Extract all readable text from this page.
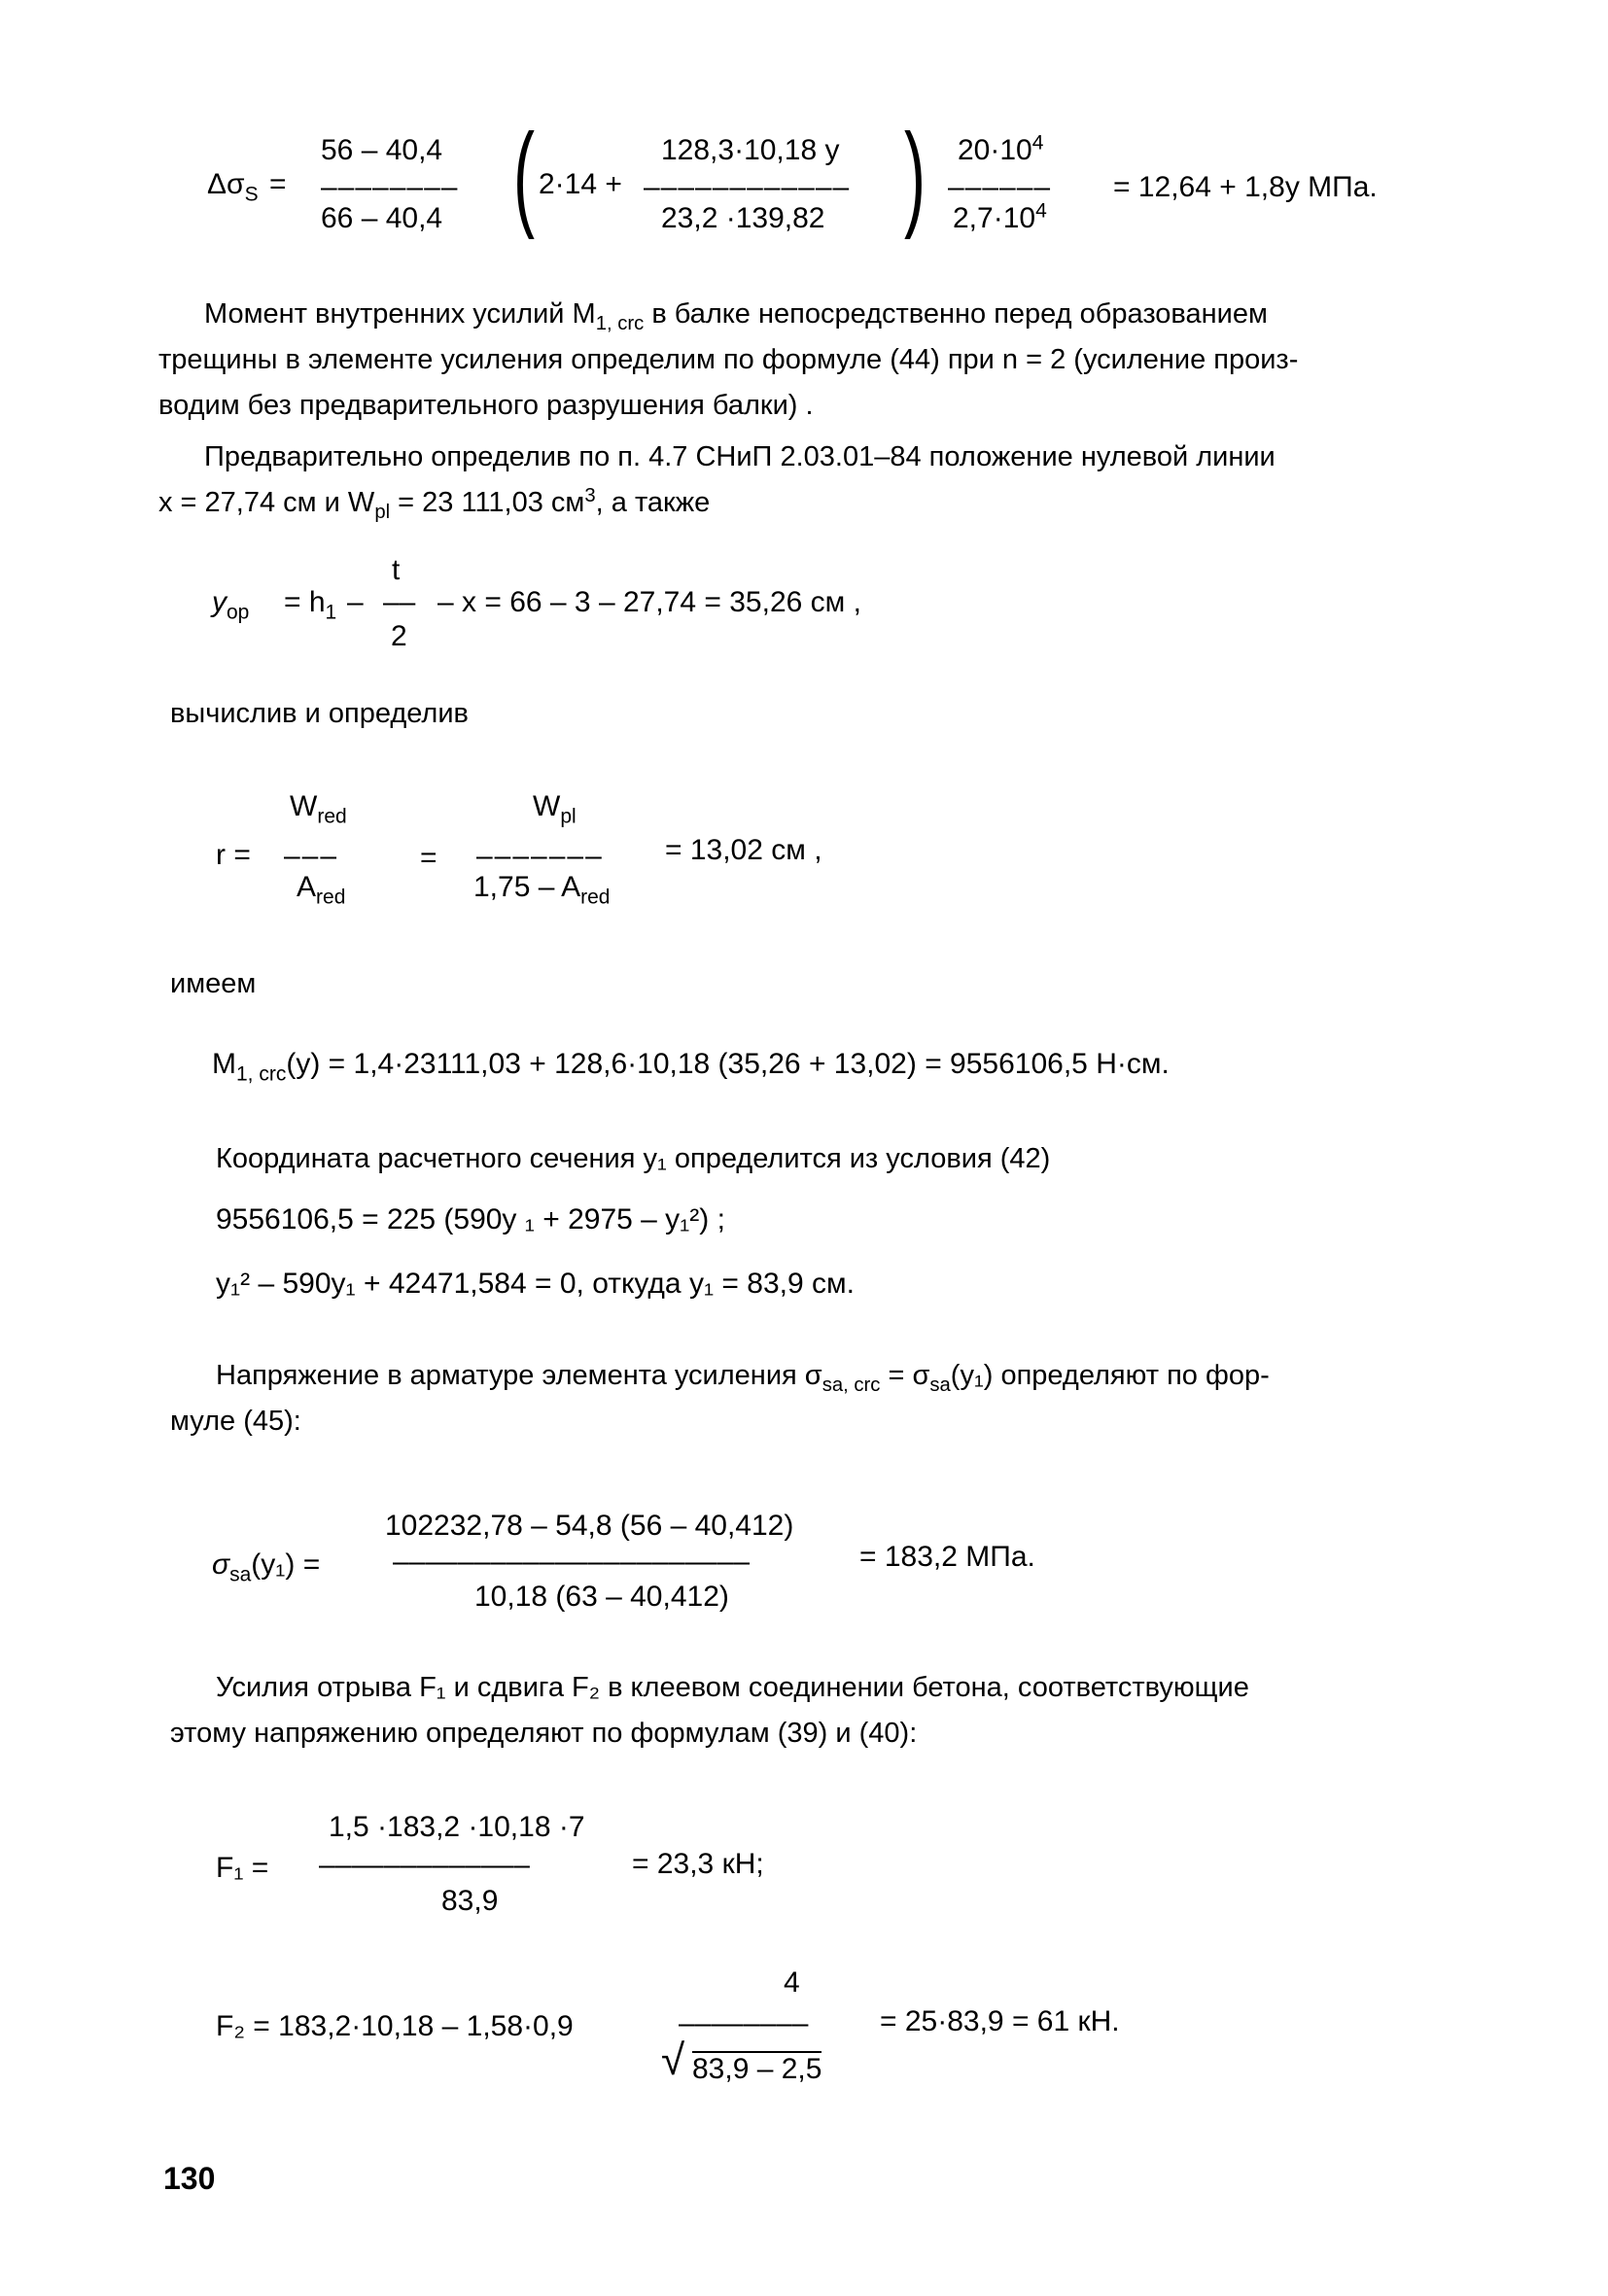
$\Delta\sigma_S$ =
56 – 40,4
––––––––
66 – 40,4 ( 2·14 +
128,3·10,18 y
––––––––––––
23,2 ·139,82 ) $20\cdot 10^4$
––––––
$2,7\cdot 10^4$
= 12,64 + 1,8y МПа.
Момент внутренних усилий $M_{1, crc}$ в балке непосредственно перед образованием
трещины в элементе усиления определим по формуле (44) при n = 2 (усиление произ-
водим без предварительного разрушения балки) .
Предварительно определив по п. 4.7 СНиП 2.03.01–84 положение нулевой линии
x = 27,74 см и $W_{pl} = 23$ 111,03 $см^3$, а также
$y_{op} = h_1$ –
t
––
2
– x = 66 – 3 – 27,74 = 35,26 см ,
вычислив и определив
r =
$W_{red}$
–––
$A_{red}$
=
$W_{pl}$
–––––––
$1,75 - A_{red}$
= 13,02 см ,
имеем
$M_{1, crc}(y) = 1,4\cdot 23111,03 + 128,6\cdot 10,18$ (35,26 + 13,02) = 9556106,5 H·см.
Координата расчетного сечения y₁ определится из условия (42)
9556106,5 = 225 (590y ₁ + 2975 – y₁²) ;
y₁² – 590y₁ + 42471,584 = 0, откуда y₁ = 83,9 см.
Напряжение в арматуре элемента усиления $\sigma_{sa, crc} = \sigma_{sa}(y_1)$ определяют по фор-
муле (45):
$\sigma_{sa}(y_1)$ =
102232,78 – 54,8 (56 – 40,412)
––––––––––––––––––––––
10,18 (63 – 40,412)
= 183,2 МПа.
Усилия отрыва F₁ и сдвига F₂ в клеевом соединении бетона, соответствующие
этому напряжению определяют по формулам (39) и (40):
F₁ =
1,5 ·183,2 ·10,18 ·7
–––––––––––––
83,9
= 23,3 кН;
F₂ = 183,2·10,18 – 1,58·0,9
4
––––––––
√ 83,9 – 2,5
= 25·83,9 = 61 кН.
130
